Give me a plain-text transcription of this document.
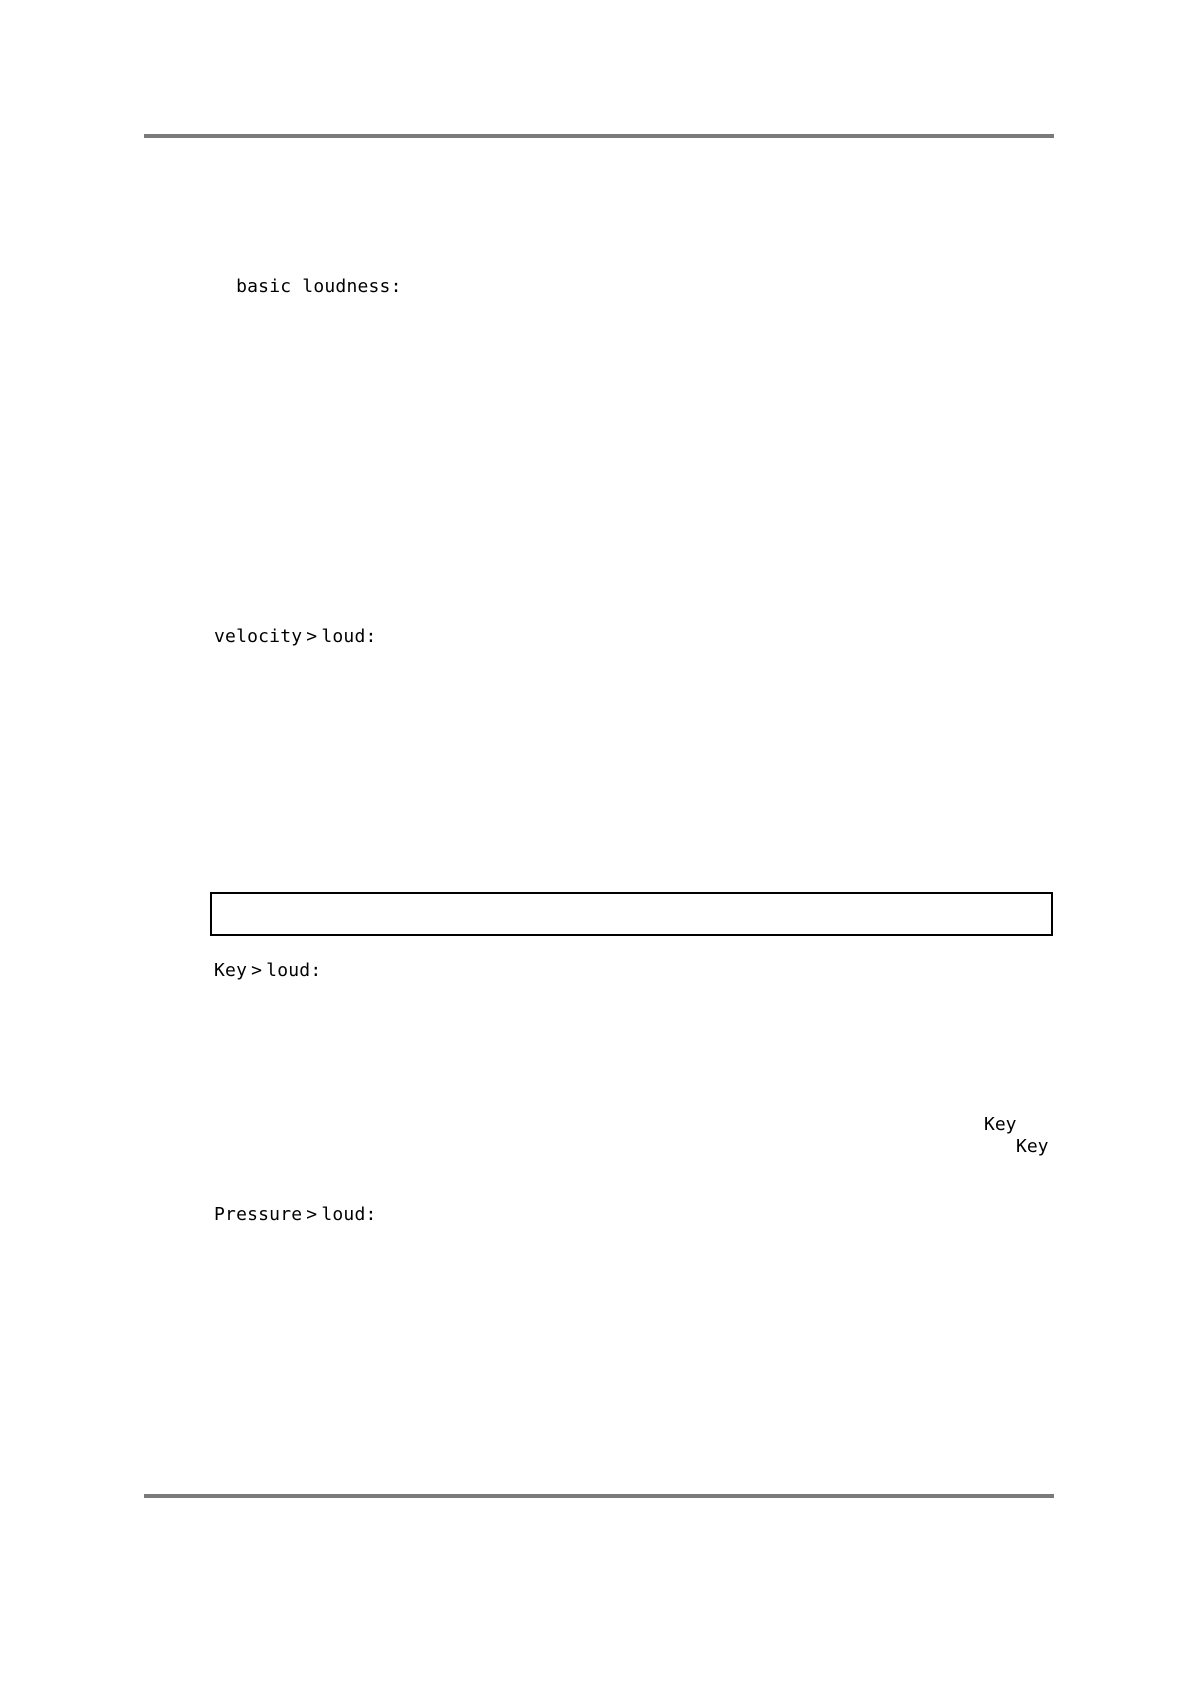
basic loudness:

velocity > loud:
Key > loud:
Key
Key
Pressure > loud:
